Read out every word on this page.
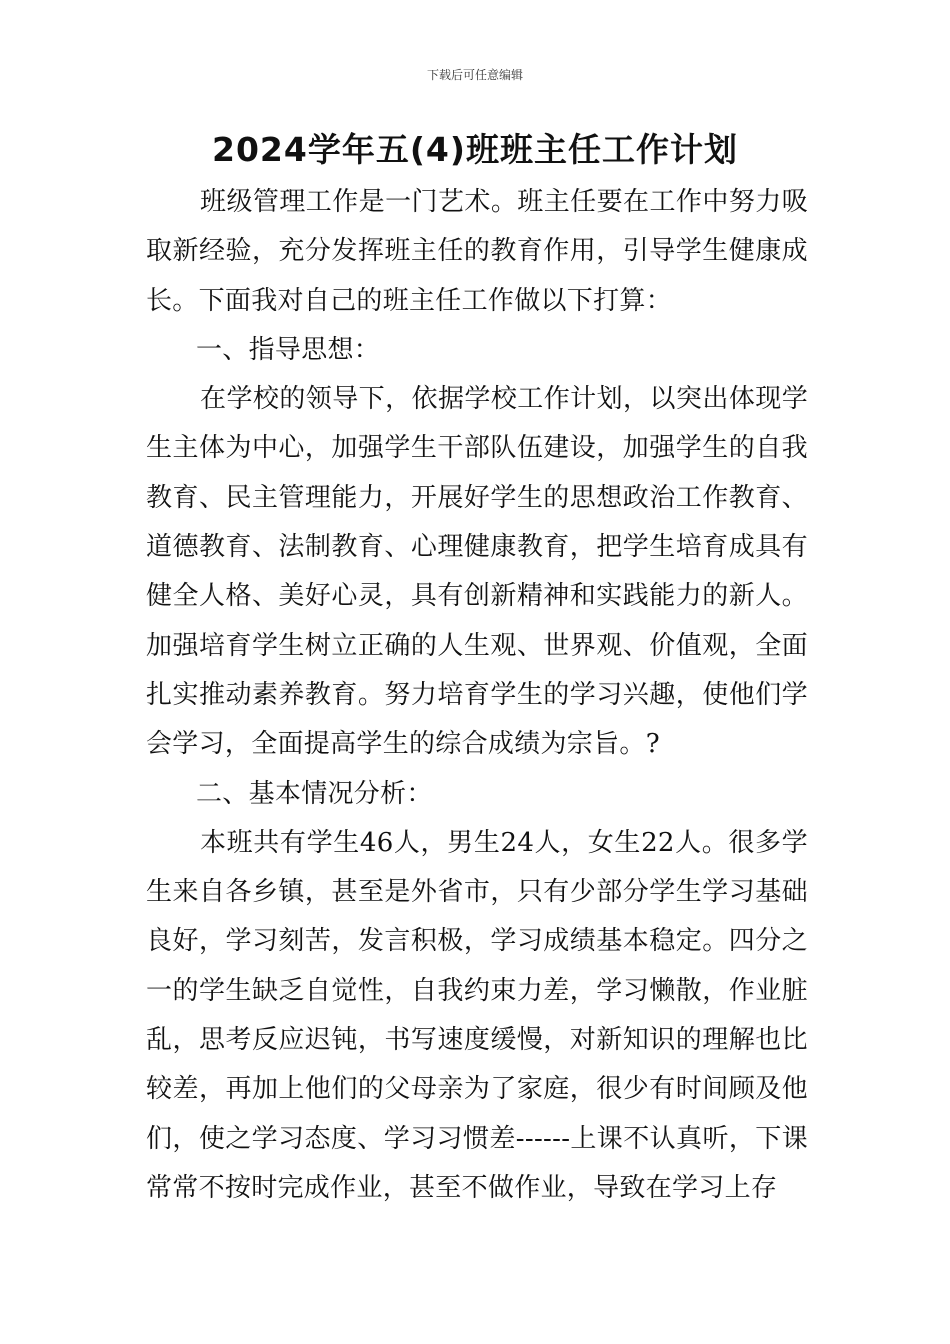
下载后可任意编辑
2024学年五(4)班班主任工作计划

班级管理工作是一门艺术。班主任要在工作中努力吸取新经验，充分发挥班主任的教育作用，引导学生健康成长。下面我对自己的班主任工作做以下打算：

一、指导思想：

在学校的领导下，依据学校工作计划，以突出体现学生主体为中心，加强学生干部队伍建设，加强学生的自我教育、民主管理能力，开展好学生的思想政治工作教育、道德教育、法制教育、心理健康教育，把学生培育成具有健全人格、美好心灵，具有创新精神和实践能力的新人。加强培育学生树立正确的人生观、世界观、价值观，全面扎实推动素养教育。努力培育学生的学习兴趣，使他们学会学习，全面提高学生的综合成绩为宗旨。?

二、基本情况分析：

本班共有学生46人，男生24人，女生22人。很多学生来自各乡镇，甚至是外省市，只有少部分学生学习基础良好，学习刻苦，发言积极，学习成绩基本稳定。四分之一的学生缺乏自觉性，自我约束力差，学习懒散，作业脏乱，思考反应迟钝，书写速度缓慢，对新知识的理解也比较差，再加上他们的父母亲为了家庭，很少有时间顾及他们，使之学习态度、学习习惯差------上课不认真听，下课常常不按时完成作业，甚至不做作业，导致在学习上存
